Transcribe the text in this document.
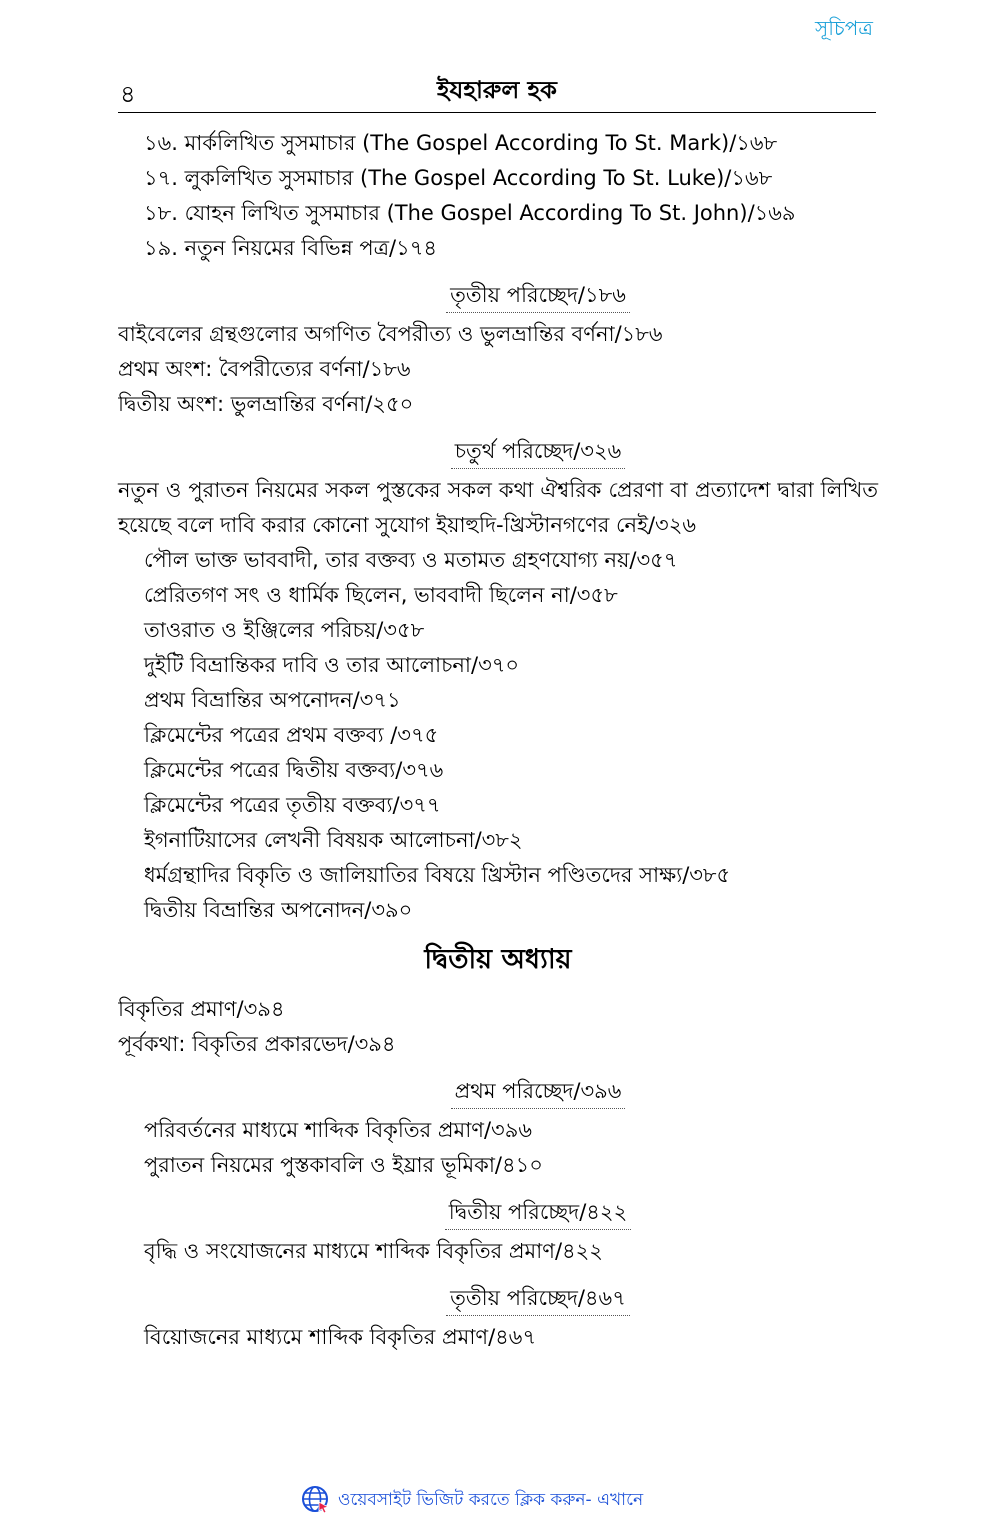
সূচিপত্র
৪	ইযহারুল হক
১৬. মার্কলিখিত সুসমাচার (The Gospel According To St. Mark)/১৬৮
১৭. লুকলিখিত সুসমাচার (The Gospel According To St. Luke)/১৬৮
১৮. যোহন লিখিত সুসমাচার (The Gospel According To St. John)/১৬৯
১৯. নতুন নিয়মের বিভিন্ন পত্র/১৭৪
তৃতীয় পরিচ্ছেদ/১৮৬
বাইবেলের গ্রন্থগুলোর অগণিত বৈপরীত্য ও ভুলভ্রান্তির বর্ণনা/১৮৬
প্রথম অংশ: বৈপরীত্যের বর্ণনা/১৮৬
দ্বিতীয় অংশ: ভুলভ্রান্তির বর্ণনা/২৫০
চতুর্থ পরিচ্ছেদ/৩২৬
নতুন ও পুরাতন নিয়মের সকল পুস্তকের সকল কথা ঐশ্বরিক প্রেরণা বা প্রত্যাদেশ দ্বারা লিখিত হয়েছে বলে দাবি করার কোনো সুযোগ ইয়াহুদি-খ্রিস্টানগণের নেই/৩২৬
পৌল ভাক্ত ভাববাদী, তার বক্তব্য ও মতামত গ্রহণযোগ্য নয়/৩৫৭
প্রেরিতগণ সৎ ও ধার্মিক ছিলেন, ভাববাদী ছিলেন না/৩৫৮
তাওরাত ও ইঞ্জিলের পরিচয়/৩৫৮
দুইটি বিভ্রান্তিকর দাবি ও তার আলোচনা/৩৭০
প্রথম বিভ্রান্তির অপনোদন/৩৭১
ক্লিমেন্টের পত্রের প্রথম বক্তব্য /৩৭৫
ক্লিমেন্টের পত্রের দ্বিতীয় বক্তব্য/৩৭৬
ক্লিমেন্টের পত্রের তৃতীয় বক্তব্য/৩৭৭
ইগনাটিয়াসের লেখনী বিষয়ক আলোচনা/৩৮২
ধর্মগ্রন্থাদির বিকৃতি ও জালিয়াতির বিষয়ে খ্রিস্টান পণ্ডিতদের সাক্ষ্য/৩৮৫
দ্বিতীয় বিভ্রান্তির অপনোদন/৩৯০
দ্বিতীয় অধ্যায়
বিকৃতির প্রমাণ/৩৯৪
পূর্বকথা: বিকৃতির প্রকারভেদ/৩৯৪
প্রথম পরিচ্ছেদ/৩৯৬
পরিবর্তনের মাধ্যমে শাব্দিক বিকৃতির প্রমাণ/৩৯৬
পুরাতন নিয়মের পুস্তকাবলি ও ইয্রার ভূমিকা/৪১০
দ্বিতীয় পরিচ্ছেদ/৪২২
বৃদ্ধি ও সংযোজনের মাধ্যমে শাব্দিক বিকৃতির প্রমাণ/৪২২
তৃতীয় পরিচ্ছেদ/৪৬৭
বিয়োজনের মাধ্যমে শাব্দিক বিকৃতির প্রমাণ/৪৬৭
ওয়েবসাইট ভিজিট করতে ক্লিক করুন- এখানে
